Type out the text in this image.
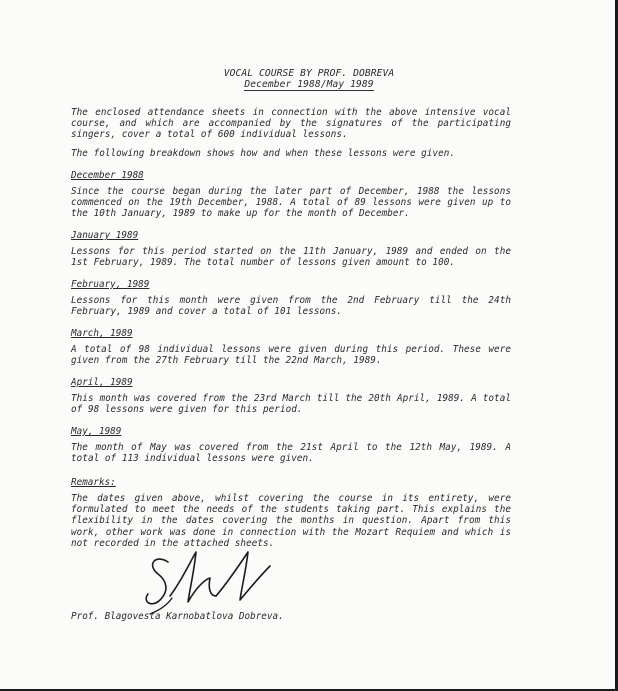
VOCAL COURSE BY PROF. DOBREVA
December 1988/May 1989

The enclosed attendance sheets in connection with the above intensive vocal course, and which are accompanied by the signatures of the participating singers, cover a total of 600 individual lessons.

The following breakdown shows how and when these lessons were given.

December 1988

Since the course began during the later part of December, 1988 the lessons commenced on the 19th December, 1988. A total of 89 lessons were given up to the 10th January, 1989 to make up for the month of December.

January 1989

Lessons for this period started on the 11th January, 1989 and ended on the 1st February, 1989. The total number of lessons given amount to 100.

February, 1989

Lessons for this month were given from the 2nd February till the 24th February, 1989 and cover a total of 101 lessons.

March, 1989

A total of 98 individual lessons were given during this period. These were given from the 27th February till the 22nd March, 1989.

April, 1989

This month was covered from the 23rd March till the 20th April, 1989. A total of 98 lessons were given for this period.

May, 1989

The month of May was covered from the 21st April to the 12th May, 1989. A total of 113 individual lessons were given.

Remarks:

The dates given above, whilst covering the course in its entirety, were formulated to meet the needs of the students taking part. This explains the flexibility in the dates covering the months in question. Apart from this work, other work was done in connection with the Mozart Requiem and which is not recorded in the attached sheets.

Prof. Blagovesta Karnobatlova Dobreva.
